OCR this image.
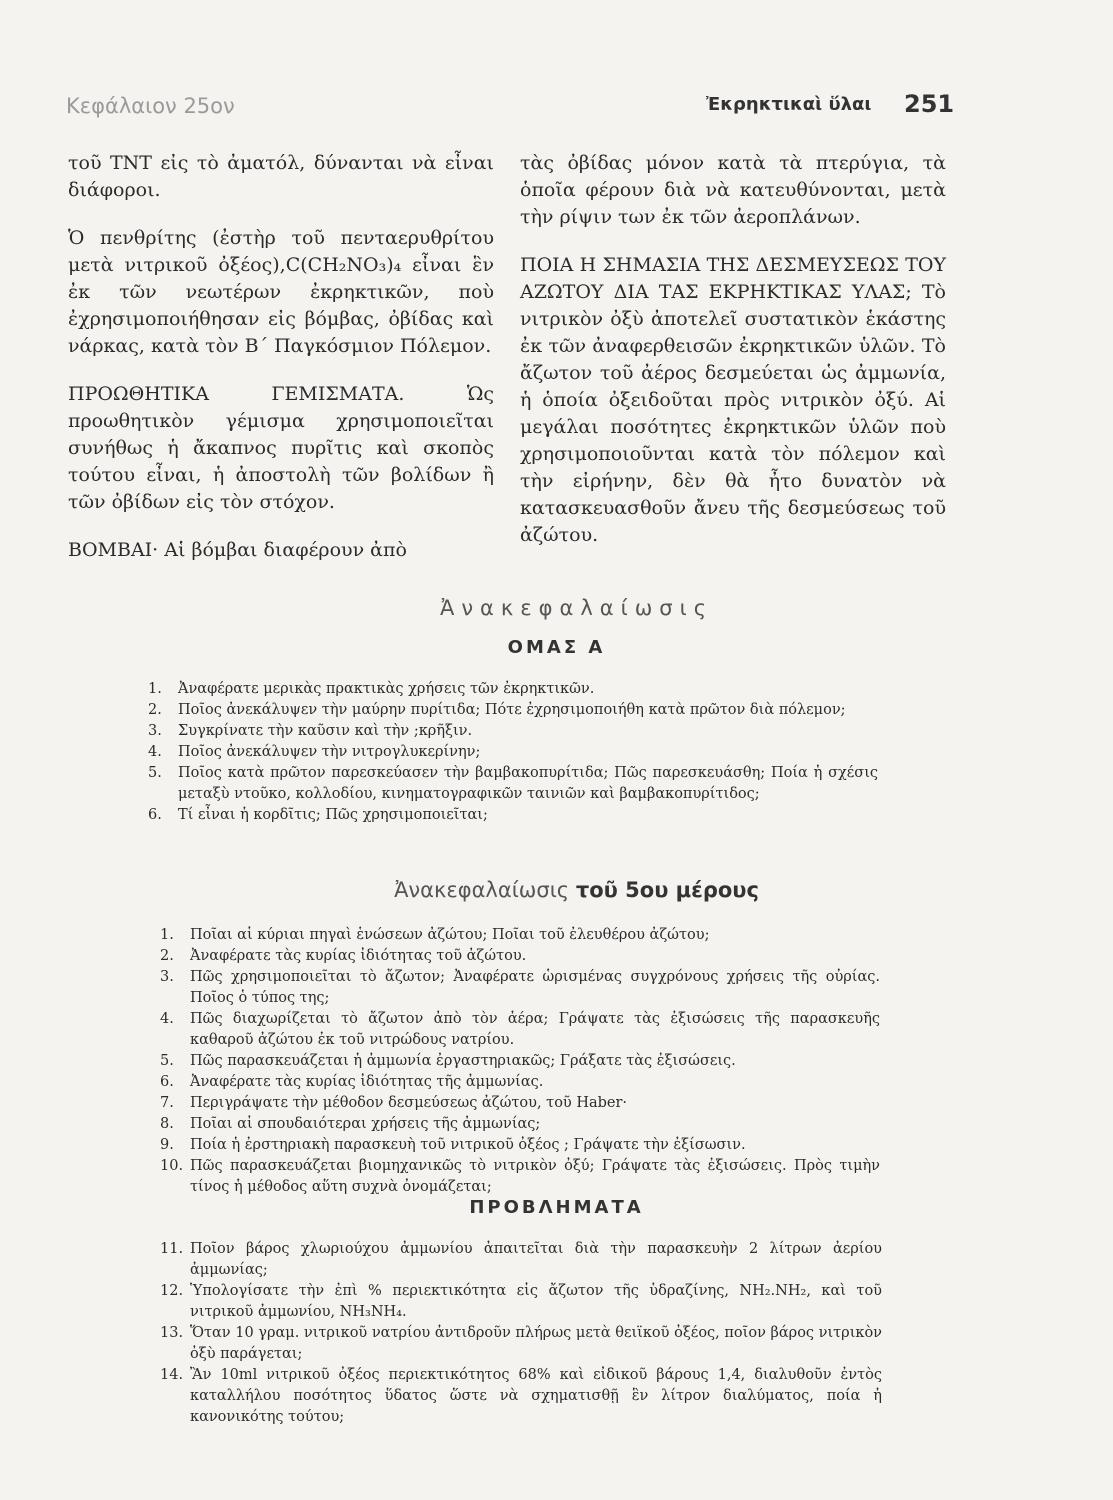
Κεφάλαιον 25ον	Ἐκρηκτικαὶ ὕλαι 251

τοῦ TNT εἰς τὸ ἀματόλ, δύνανται νὰ εἶναι διάφοροι.

Ὁ πενθρίτης (ἐστὴρ τοῦ πενταερυθρίτου μετὰ νιτρικοῦ ὀξέος),C(CH₂NO₃)₄ εἶναι ἓν ἐκ τῶν νεωτέρων ἐκρηκτικῶν, ποὺ ἐχρησιμοποιήθησαν εἰς βόμβας, ὀβίδας καὶ νάρκας, κατὰ τὸν Β΄ Παγκόσμιον Πόλεμον.

ΠΡΟΩΘΗΤΙΚΑ ΓΕΜΙΣΜΑΤΑ. Ὡς προωθητικὸν γέμισμα χρησιμοποιεῖται συνήθως ἡ ἄκαπνος πυρῖτις καὶ σκοπὸς τούτου εἶναι, ἡ ἀποστολὴ τῶν βολίδων ἢ τῶν ὀβίδων εἰς τὸν στόχον.

ΒΟΜΒΑΙ· Αἱ βόμβαι διαφέρουν ἀπὸ

τὰς ὀβίδας μόνον κατὰ τὰ πτερύγια, τὰ ὁποῖα φέρουν διὰ νὰ κατευθύνονται, μετὰ τὴν ρίψιν των ἐκ τῶν ἀεροπλάνων.

ΠΟΙΑ Η ΣΗΜΑΣΙΑ ΤΗΣ ΔΕΣΜΕΥΣΕΩΣ ΤΟΥ ΑΖΩΤΟΥ ΔΙΑ ΤΑΣ ΕΚΡΗΚΤΙΚΑΣ ΥΛΑΣ; Τὸ νιτρικὸν ὀξὺ ἀποτελεῖ συστατικὸν ἑκάστης ἐκ τῶν ἀναφερθεισῶν ἐκρηκτικῶν ὑλῶν. Τὸ ἄζωτον τοῦ ἀέρος δεσμεύεται ὡς ἀμμωνία, ἡ ὁποία ὀξειδοῦται πρὸς νιτρικὸν ὀξύ. Αἱ μεγάλαι ποσότητες ἐκρηκτικῶν ὑλῶν ποὺ χρησιμοποιοῦνται κατὰ τὸν πόλεμον καὶ τὴν εἰρήνην, δὲν θὰ ἦτο δυνατὸν νὰ κατασκευασθοῦν ἄνευ τῆς δεσμεύσεως τοῦ ἀζώτου.

Ἀνακεφαλαίωσις
ΟΜΑΣ Α
1. Ἀναφέρατε μερικὰς πρακτικὰς χρήσεις τῶν ἐκρηκτικῶν.
2. Ποῖος ἀνεκάλυψεν τὴν μαύρην πυρίτιδα; Πότε ἐχρησιμοποιήθη κατὰ πρῶτον διὰ πόλεμον;
3. Συγκρίνατε τὴν καῦσιν καὶ τὴν ;κρῆξιν.
4. Ποῖος ἀνεκάλυψεν τὴν νιτρογλυκερίνην;
5. Ποῖος κατὰ πρῶτον παρεσκεύασεν τὴν βαμβακοπυρίτιδα; Πῶς παρεσκευάσθη; Ποία ἡ σχέσις μεταξὺ ντοῦκο, κολλοδίου, κινηματογραφικῶν ταινιῶν καὶ βαμβακοπυρίτιδος;
6. Τί εἶναι ἡ κορδῖτις; Πῶς χρησιμοποιεῖται;
Ἀνακεφαλαίωσις τοῦ 5ου μέρους
1. Ποῖαι αἱ κύριαι πηγαὶ ἑνώσεων ἀζώτου; Ποῖαι τοῦ ἐλευθέρου ἀζώτου;
2. Ἀναφέρατε τὰς κυρίας ἰδιότητας τοῦ ἀζώτου.
3. Πῶς χρησιμοποιεῖται τὸ ἄζωτον; Ἀναφέρατε ὡρισμένας συγχρόνους χρήσεις τῆς οὐρίας. Ποῖος ὁ τύπος της;
4. Πῶς διαχωρίζεται τὸ ἄζωτον ἀπὸ τὸν ἀέρα; Γράψατε τὰς ἐξισώσεις τῆς παρασκευῆς καθαροῦ ἀζώτου ἐκ τοῦ νιτρώδους νατρίου.
5. Πῶς παρασκευάζεται ἡ ἀμμωνία ἐργαστηριακῶς; Γράξατε τὰς ἐξισώσεις.
6. Ἀναφέρατε τὰς κυρίας ἰδιότητας τῆς ἀμμωνίας.
7. Περιγράψατε τὴν μέθοδον δεσμεύσεως ἀζώτου, τοῦ Haber·
8. Ποῖαι αἱ σπουδαιότεραι χρήσεις τῆς ἀμμωνίας;
9. Ποία ἡ ἐρστηριακὴ παρασκευὴ τοῦ νιτρικοῦ ὀξέος ; Γράψατε τὴν ἐξίσωσιν.
10. Πῶς παρασκευάζεται βιομηχανικῶς τὸ νιτρικὸν ὀξύ; Γράψατε τὰς ἐξισώσεις. Πρὸς τιμὴν τίνος ἡ μέθοδος αὕτη συχνὰ ὀνομάζεται;
ΠΡΟΒΛΗΜΑΤΑ
11. Ποῖον βάρος χλωριούχου ἀμμωνίου ἀπαιτεῖται διὰ τὴν παρασκευὴν 2 λίτρων ἀερίου ἀμμωνίας;
12. Ὑπολογίσατε τὴν ἐπὶ % περιεκτικότητα εἰς ἄζωτον τῆς ὑδραζίνης, NH₂.NH₂, καὶ τοῦ νιτρικοῦ ἀμμωνίου, NH₃NH₄.
13. Ὅταν 10 γραμ. νιτρικοῦ νατρίου ἀντιδροῦν πλήρως μετὰ θειϊκοῦ ὀξέος, ποῖον βάρος νιτρικὸν ὀξὺ παράγεται;
14. Ἂν 10ml νιτρικοῦ ὀξέος περιεκτικότητος 68% καὶ εἰδικοῦ βάρους 1,4, διαλυθοῦν ἐντὸς καταλλήλου ποσότητος ὕδατος ὥστε νὰ σχηματισθῇ ἓν λίτρον διαλύματος, ποία ἡ κανονικότης τούτου;
